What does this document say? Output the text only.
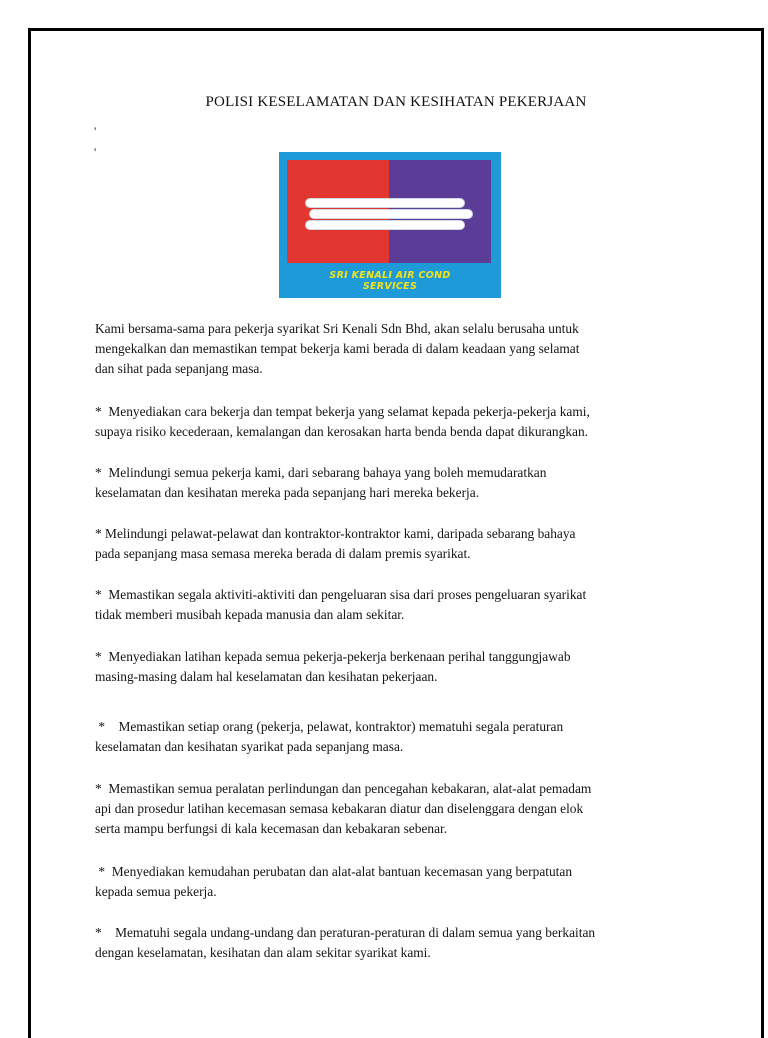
POLISI KESELAMATAN DAN KESIHATAN PEKERJAAN
'
'
SRI KENALI AIR COND
SERVICES

Kami bersama-sama para pekerja syarikat Sri Kenali Sdn Bhd, akan selalu berusaha untuk

mengekalkan dan memastikan tempat bekerja kami berada di dalam keadaan yang selamat

dan sihat pada sepanjang masa.

*  Menyediakan cara bekerja dan tempat bekerja yang selamat kepada pekerja-pekerja kami,

supaya risiko kecederaan, kemalangan dan kerosakan harta benda benda dapat dikurangkan.

*  Melindungi semua pekerja kami, dari sebarang bahaya yang boleh memudaratkan

keselamatan dan kesihatan mereka pada sepanjang hari mereka bekerja.

* Melindungi pelawat-pelawat dan kontraktor-kontraktor kami, daripada sebarang bahaya

pada sepanjang masa semasa mereka berada di dalam premis syarikat.

*  Memastikan segala aktiviti-aktiviti dan pengeluaran sisa dari proses pengeluaran syarikat

tidak memberi musibah kepada manusia dan alam sekitar.

*  Menyediakan latihan kepada semua pekerja-pekerja berkenaan perihal tanggungjawab

masing-masing dalam hal keselamatan dan kesihatan pekerjaan.

*    Memastikan setiap orang (pekerja, pelawat, kontraktor) mematuhi segala peraturan

keselamatan dan kesihatan syarikat pada sepanjang masa.

*  Memastikan semua peralatan perlindungan dan pencegahan kebakaran, alat-alat pemadam

api dan prosedur latihan kecemasan semasa kebakaran diatur dan diselenggara dengan elok

serta mampu berfungsi di kala kecemasan dan kebakaran sebenar.

*  Menyediakan kemudahan perubatan dan alat-alat bantuan kecemasan yang berpatutan

kepada semua pekerja.

*    Mematuhi segala undang-undang dan peraturan-peraturan di dalam semua yang berkaitan

dengan keselamatan, kesihatan dan alam sekitar syarikat kami.
